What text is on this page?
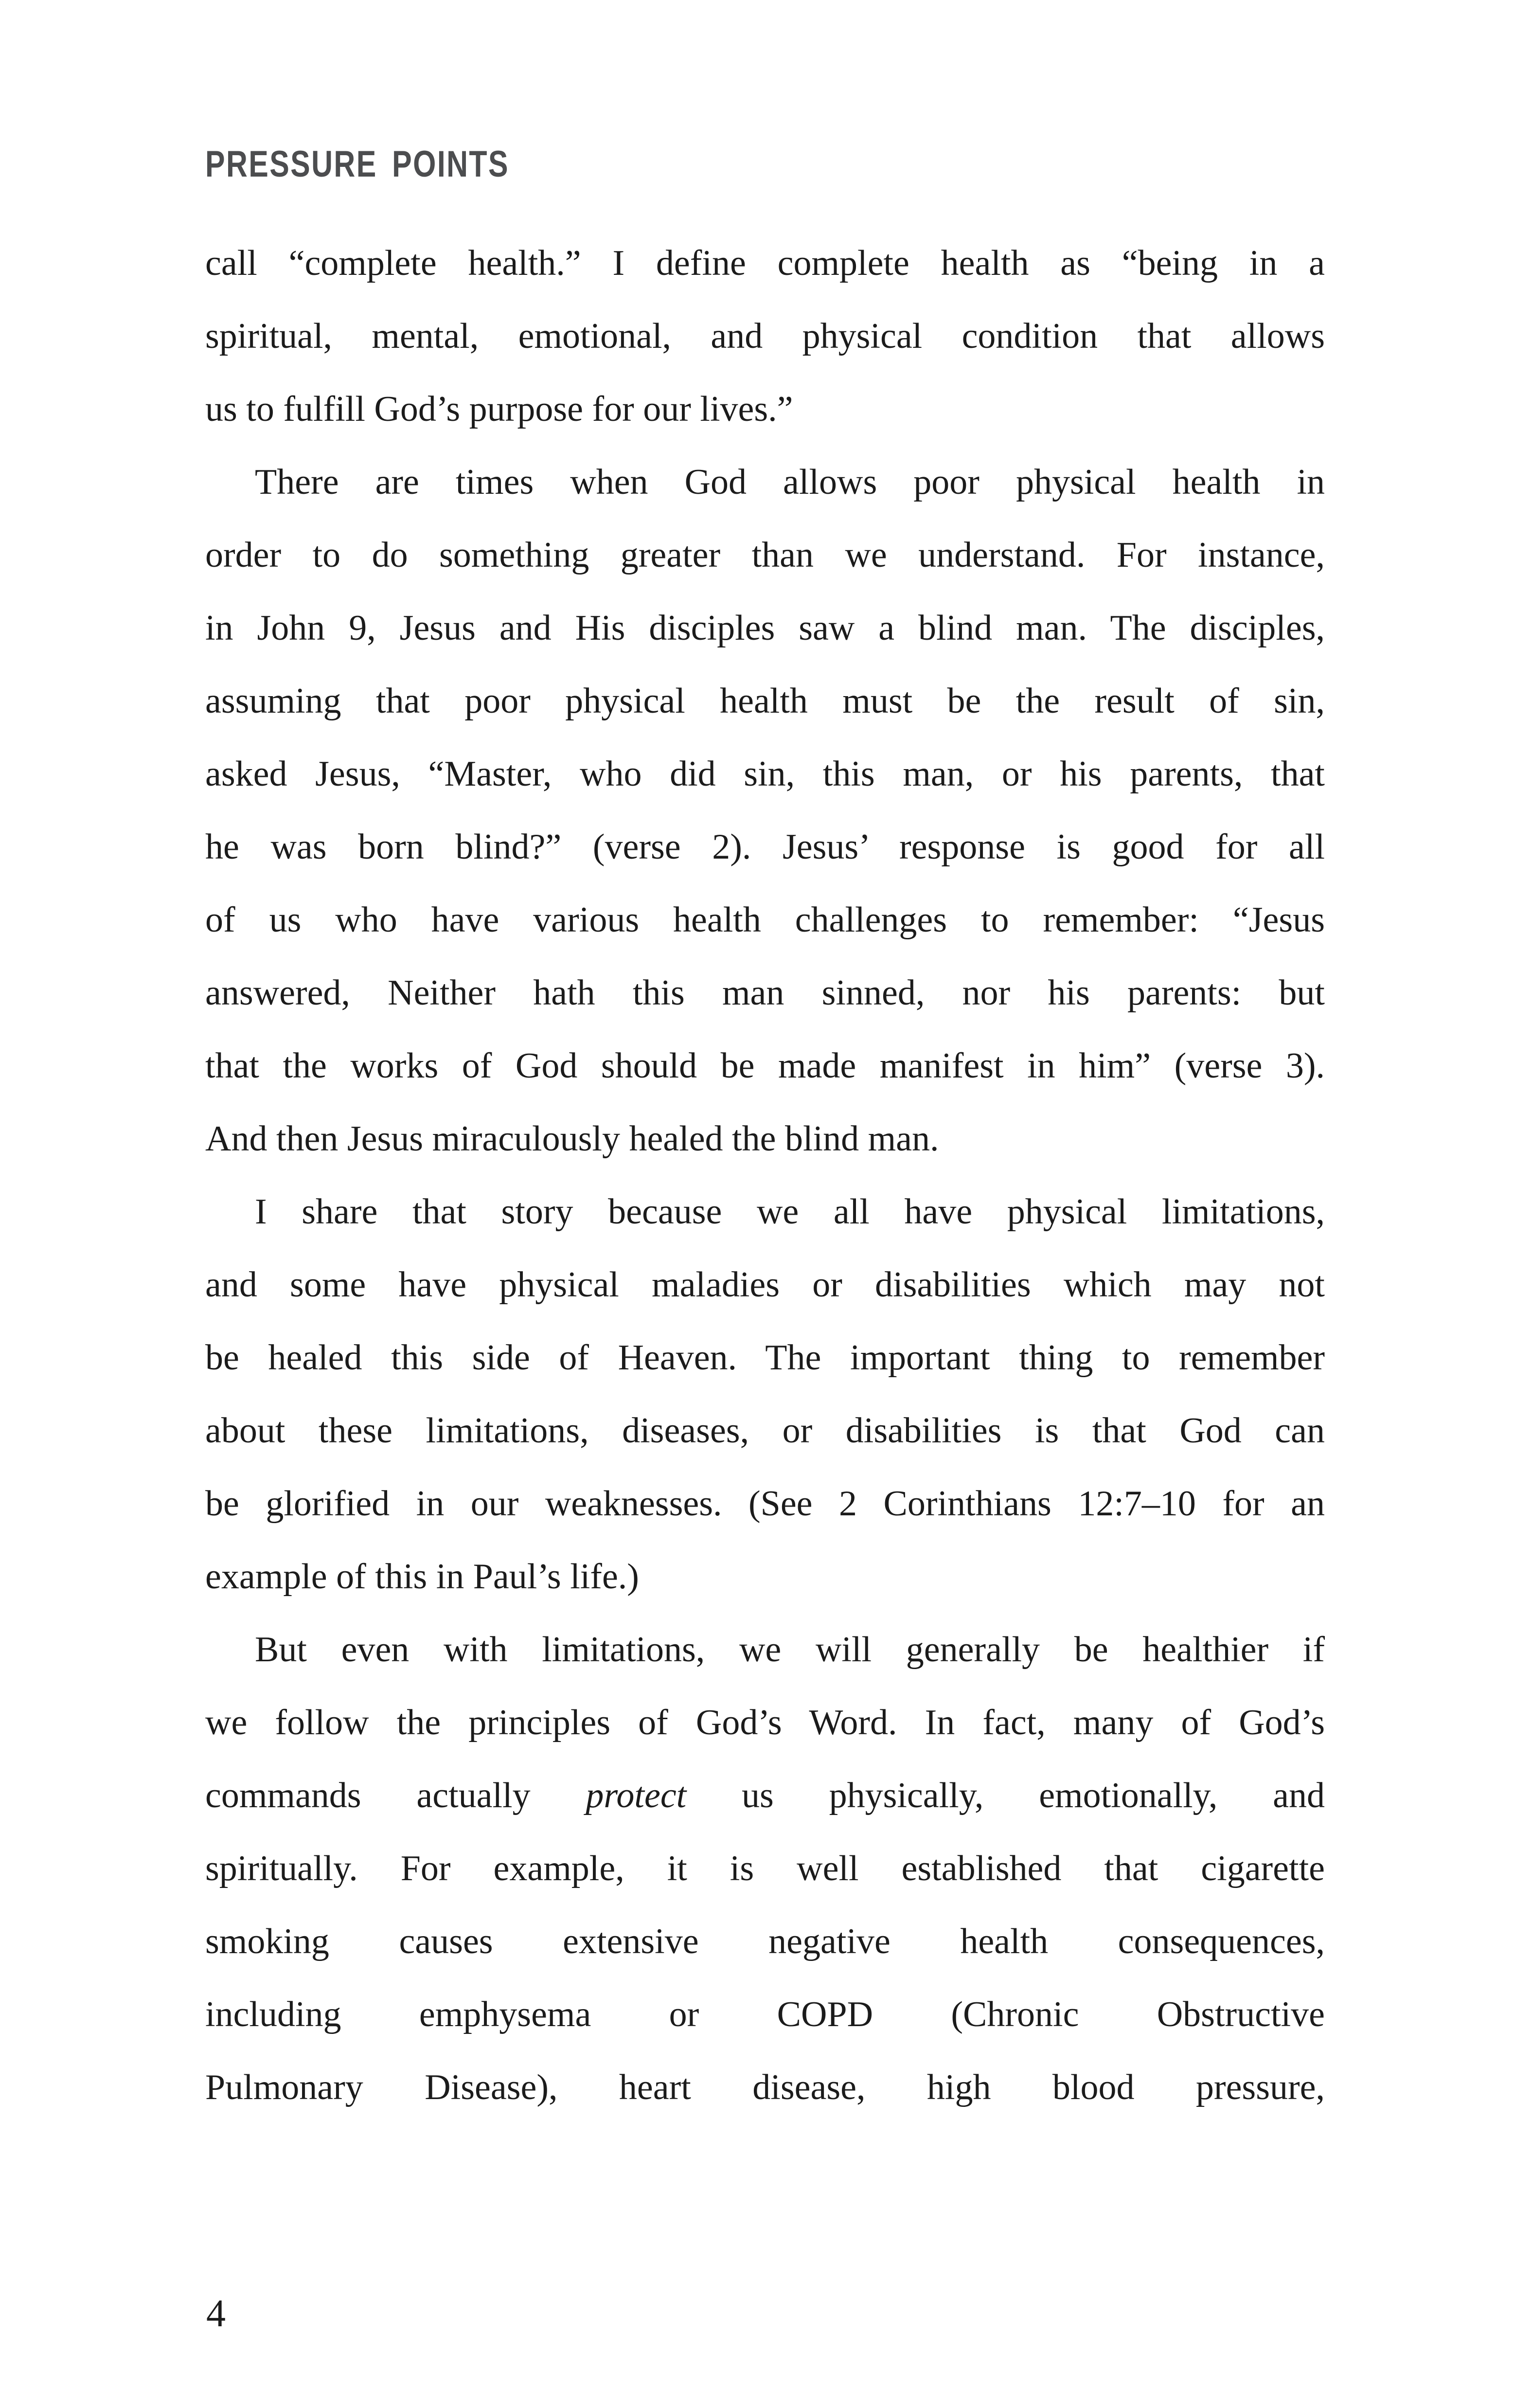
PRESSURE POINTS
call “complete health.” I define complete health as “being in a
spiritual, mental, emotional, and physical condition that allows
us to fulfill God’s purpose for our lives.”
There are times when God allows poor physical health in
order to do something greater than we understand. For instance,
in John 9, Jesus and His disciples saw a blind man. The disciples,
assuming that poor physical health must be the result of sin,
asked Jesus, “Master, who did sin, this man, or his parents, that
he was born blind?” (verse 2). Jesus’ response is good for all
of us who have various health challenges to remember: “Jesus
answered, Neither hath this man sinned, nor his parents: but
that the works of God should be made manifest in him” (verse 3).
And then Jesus miraculously healed the blind man.
I share that story because we all have physical limitations,
and some have physical maladies or disabilities which may not
be healed this side of Heaven. The important thing to remember
about these limitations, diseases, or disabilities is that God can
be glorified in our weaknesses. (See 2 Corinthians 12:7–10 for an
example of this in Paul’s life.)
But even with limitations, we will generally be healthier if
we follow the principles of God’s Word. In fact, many of God’s
commands actually protect us physically, emotionally, and
spiritually. For example, it is well established that cigarette
smoking causes extensive negative health consequences,
including emphysema or COPD (Chronic Obstructive
Pulmonary Disease), heart disease, high blood pressure,
4
